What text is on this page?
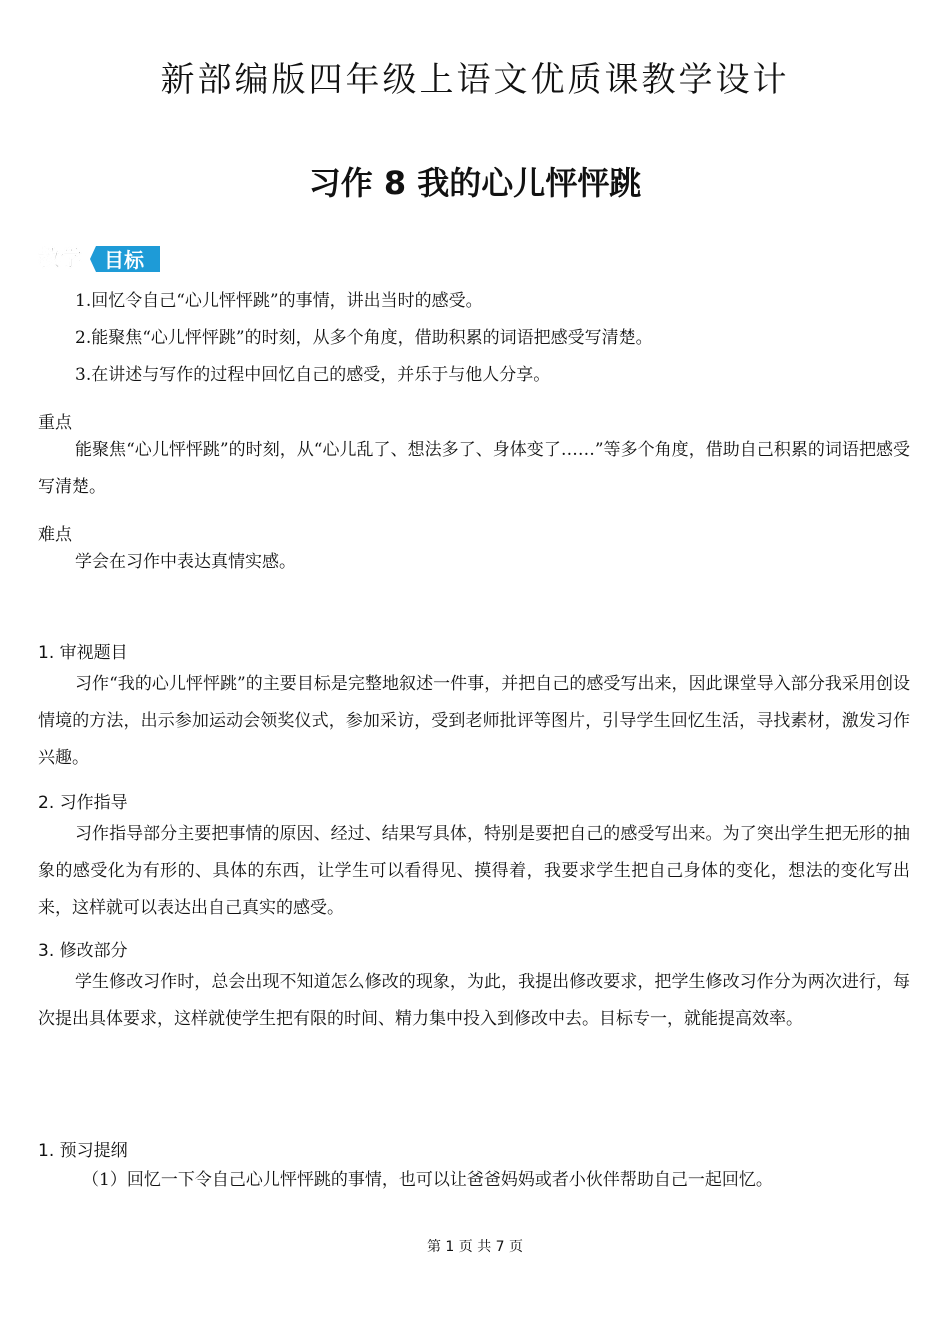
新部编版四年级上语文优质课教学设计
习作 8 我的心儿怦怦跳
教学 目标
1.回忆令自己“心儿怦怦跳”的事情，讲出当时的感受。
2.能聚焦“心儿怦怦跳”的时刻，从多个角度，借助积累的词语把感受写清楚。
3.在讲述与写作的过程中回忆自己的感受，并乐于与他人分享。
重点
能聚焦“心儿怦怦跳”的时刻，从“心儿乱了、想法多了、身体变了……”等多个角度，借助自己积累的词语把感受写清楚。
难点
学会在习作中表达真情实感。
1. 审视题目
习作“我的心儿怦怦跳”的主要目标是完整地叙述一件事，并把自己的感受写出来，因此课堂导入部分我采用创设情境的方法，出示参加运动会领奖仪式，参加采访，受到老师批评等图片，引导学生回忆生活，寻找素材，激发习作兴趣。
2. 习作指导
习作指导部分主要把事情的原因、经过、结果写具体，特别是要把自己的感受写出来。为了突出学生把无形的抽象的感受化为有形的、具体的东西，让学生可以看得见、摸得着，我要求学生把自己身体的变化，想法的变化写出来，这样就可以表达出自己真实的感受。
3. 修改部分
学生修改习作时，总会出现不知道怎么修改的现象，为此，我提出修改要求，把学生修改习作分为两次进行，每次提出具体要求，这样就使学生把有限的时间、精力集中投入到修改中去。目标专一，就能提高效率。
1. 预习提纲
（1）回忆一下令自己心儿怦怦跳的事情，也可以让爸爸妈妈或者小伙伴帮助自己一起回忆。
第 1 页 共 7 页
